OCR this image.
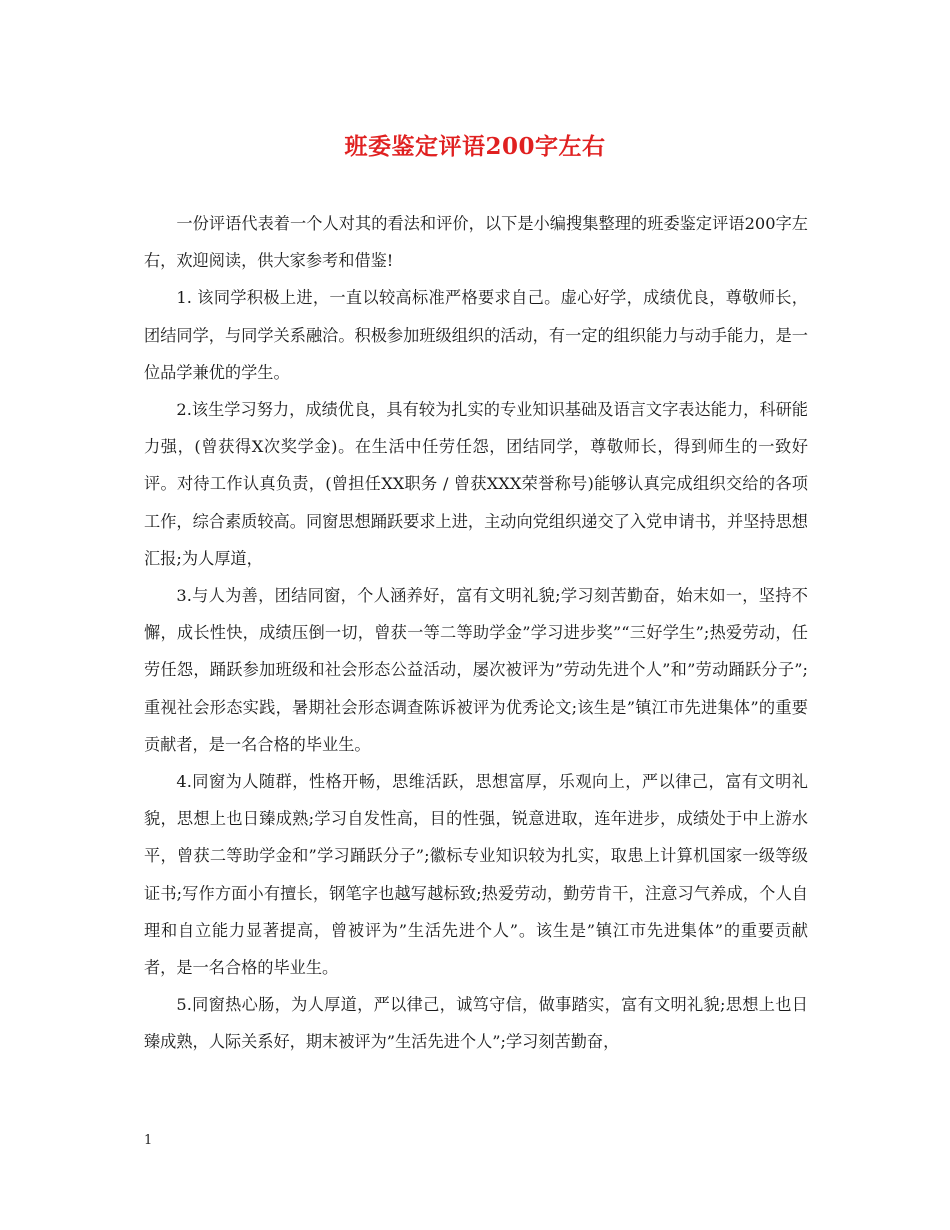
班委鉴定评语200字左右

一份评语代表着一个人对其的看法和评价，以下是小编搜集整理的班委鉴定评语200字左右，欢迎阅读，供大家参考和借鉴!

1. 该同学积极上进，一直以较高标准严格要求自己。虚心好学，成绩优良，尊敬师长，团结同学，与同学关系融洽。积极参加班级组织的活动，有一定的组织能力与动手能力，是一位品学兼优的学生。

2.该生学习努力，成绩优良，具有较为扎实的专业知识基础及语言文字表达能力，科研能力强，(曾获得X次奖学金)。在生活中任劳任怨，团结同学，尊敬师长，得到师生的一致好评。对待工作认真负责，(曾担任XX职务 / 曾获XXX荣誉称号)能够认真完成组织交给的各项工作，综合素质较高。同窗思想踊跃要求上进，主动向党组织递交了入党申请书，并坚持思想汇报;为人厚道，

3.与人为善，团结同窗，个人涵养好，富有文明礼貌;学习刻苦勤奋，始末如一，坚持不懈，成长性快，成绩压倒一切，曾获一等二等助学金”学习进步奖”“三好学生”;热爱劳动，任劳任怨，踊跃参加班级和社会形态公益活动，屡次被评为”劳动先进个人”和”劳动踊跃分子”;重视社会形态实践，暑期社会形态调查陈诉被评为优秀论文;该生是”镇江市先进集体”的重要贡献者，是一名合格的毕业生。

4.同窗为人随群，性格开畅，思维活跃，思想富厚，乐观向上，严以律己，富有文明礼貌，思想上也日臻成熟;学习自发性高，目的性强，锐意进取，连年进步，成绩处于中上游水平，曾获二等助学金和”学习踊跃分子”;徽标专业知识较为扎实，取患上计算机国家一级等级证书;写作方面小有擅长，钢笔字也越写越标致;热爱劳动，勤劳肯干，注意习气养成，个人自理和自立能力显著提高，曾被评为”生活先进个人”。该生是”镇江市先进集体”的重要贡献者，是一名合格的毕业生。

5.同窗热心肠，为人厚道，严以律己，诚笃守信，做事踏实，富有文明礼貌;思想上也日臻成熟，人际关系好，期末被评为”生活先进个人”;学习刻苦勤奋，

1
